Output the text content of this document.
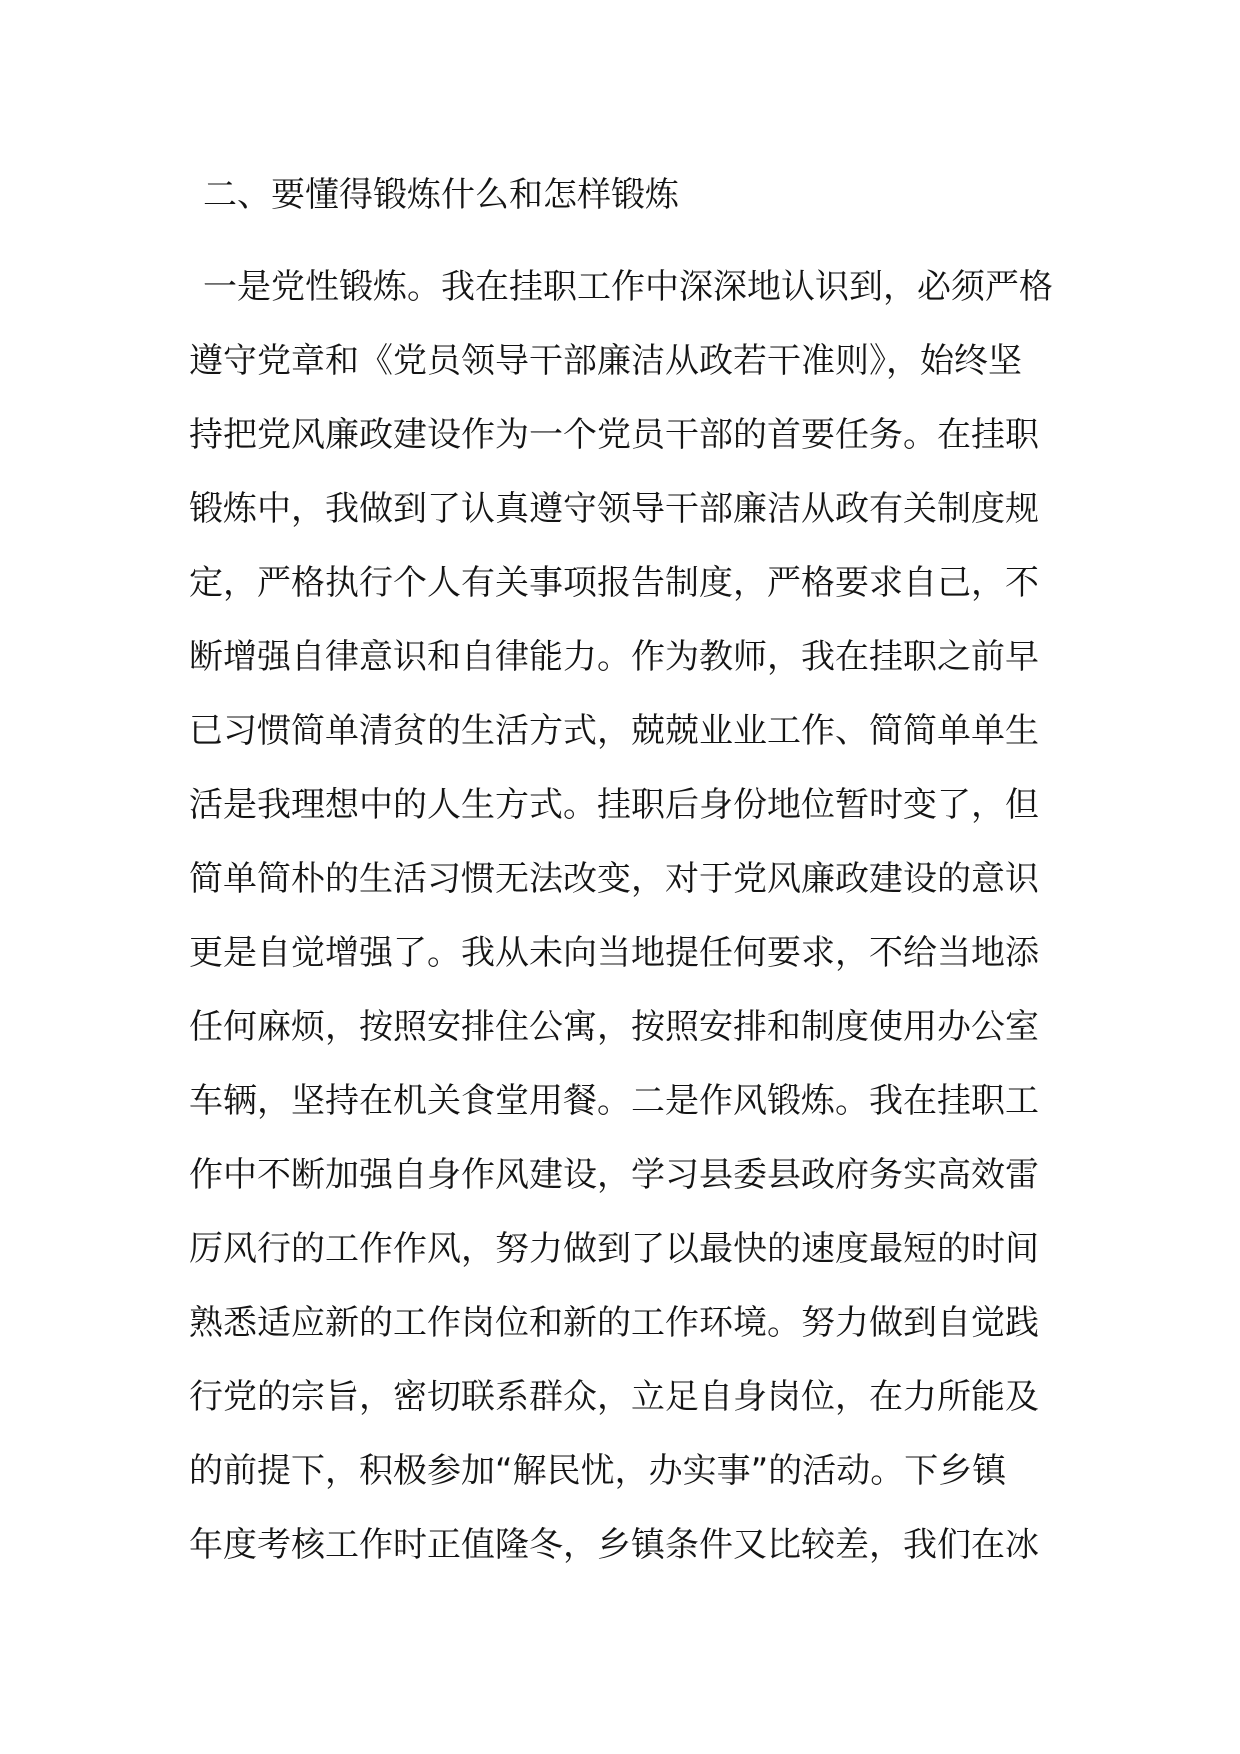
二、要懂得锻炼什么和怎样锻炼
一是党性锻炼。我在挂职工作中深深地认识到，必须严格
遵守党章和《党员领导干部廉洁从政若干准则》，始终坚
持把党风廉政建设作为一个党员干部的首要任务。在挂职
锻炼中，我做到了认真遵守领导干部廉洁从政有关制度规
定，严格执行个人有关事项报告制度，严格要求自己，不
断增强自律意识和自律能力。作为教师，我在挂职之前早
已习惯简单清贫的生活方式，兢兢业业工作、简简单单生
活是我理想中的人生方式。挂职后身份地位暂时变了，但
简单简朴的生活习惯无法改变，对于党风廉政建设的意识
更是自觉增强了。我从未向当地提任何要求，不给当地添
任何麻烦，按照安排住公寓，按照安排和制度使用办公室
车辆，坚持在机关食堂用餐。二是作风锻炼。我在挂职工
作中不断加强自身作风建设，学习县委县政府务实高效雷
厉风行的工作作风，努力做到了以最快的速度最短的时间
熟悉适应新的工作岗位和新的工作环境。努力做到自觉践
行党的宗旨，密切联系群众，立足自身岗位，在力所能及
的前提下，积极参加“解民忧，办实事”的活动。下乡镇
年度考核工作时正值隆冬，乡镇条件又比较差，我们在冰
